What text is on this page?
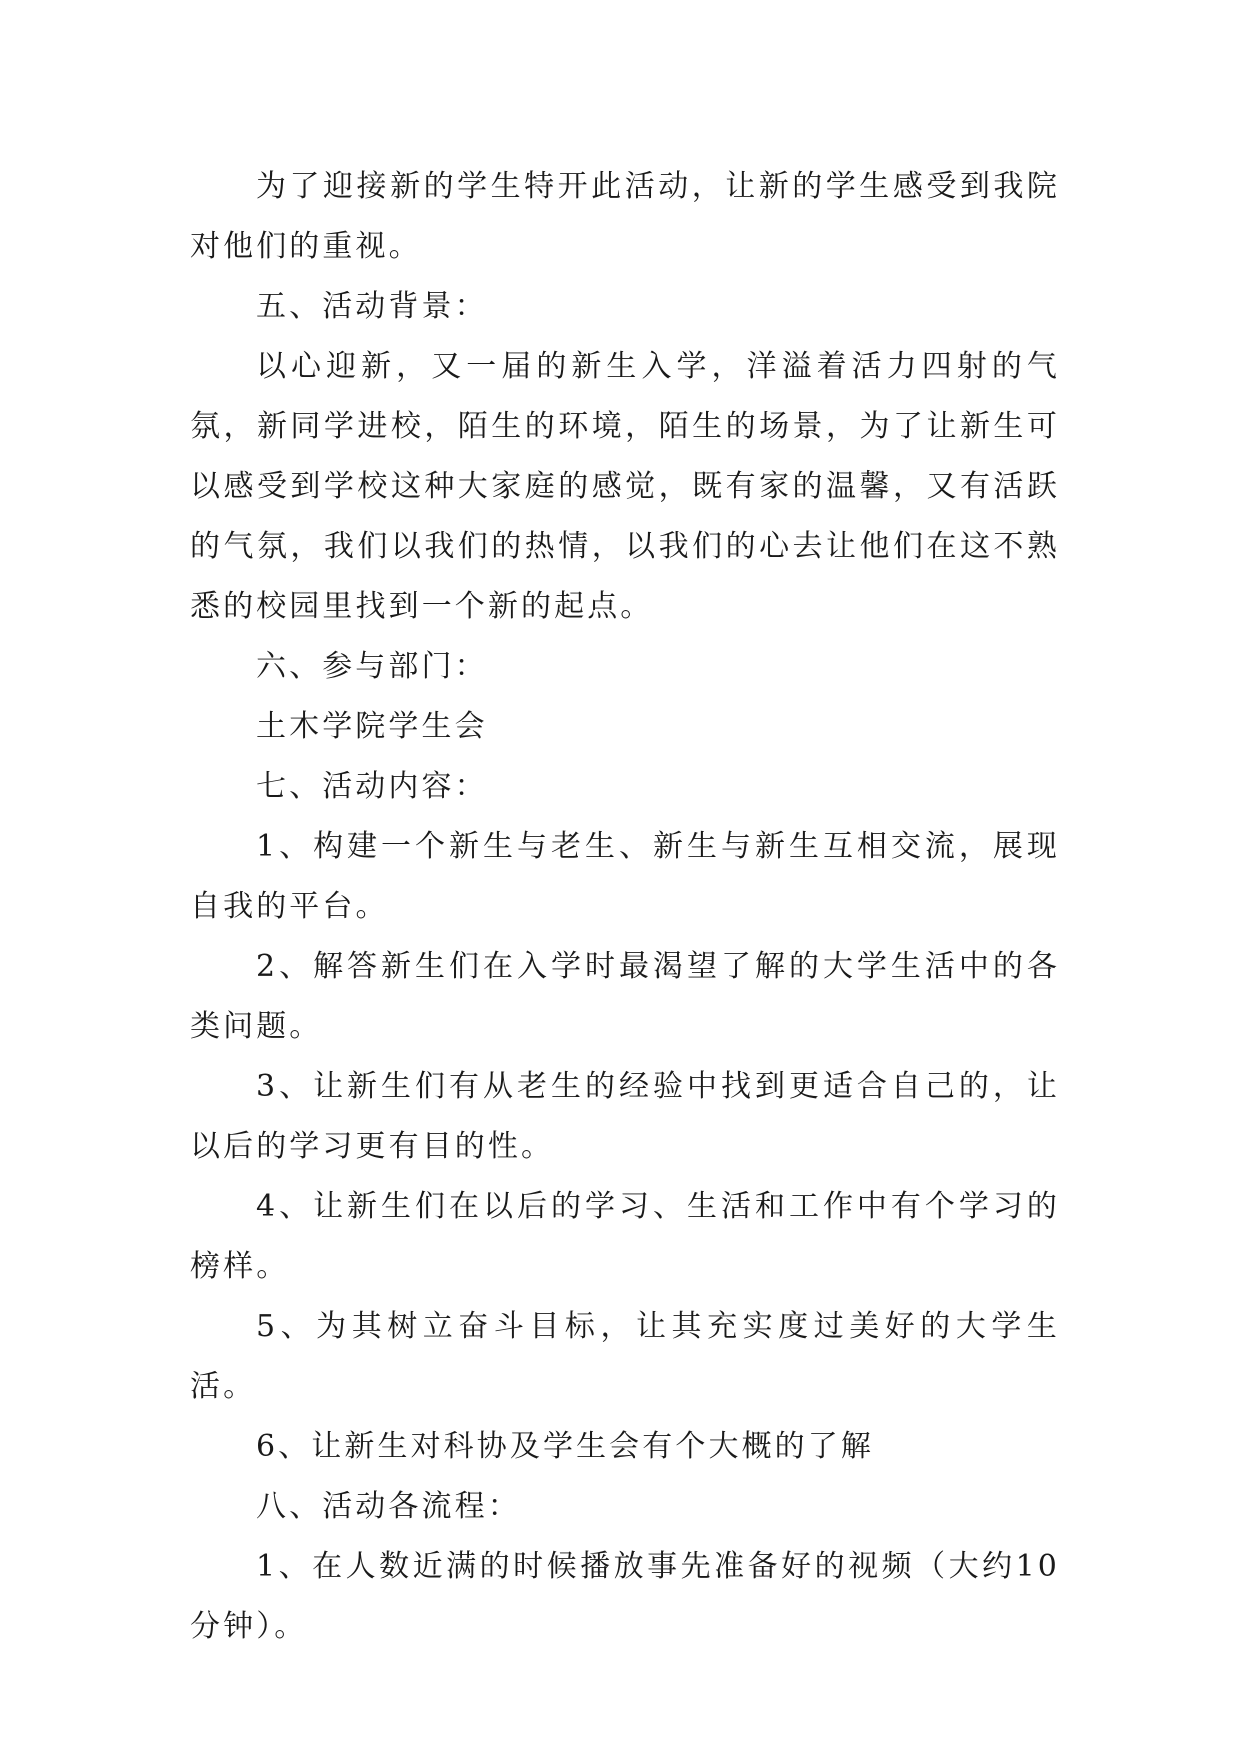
为了迎接新的学生特开此活动，让新的学生感受到我院对他们的重视。

五、活动背景：

以心迎新，又一届的新生入学，洋溢着活力四射的气氛，新同学进校，陌生的环境，陌生的场景，为了让新生可以感受到学校这种大家庭的感觉，既有家的温馨，又有活跃的气氛，我们以我们的热情，以我们的心去让他们在这不熟悉的校园里找到一个新的起点。

六、参与部门：

土木学院学生会

七、活动内容：

1、构建一个新生与老生、新生与新生互相交流，展现自我的平台。

2、解答新生们在入学时最渴望了解的大学生活中的各类问题。

3、让新生们有从老生的经验中找到更适合自己的，让以后的学习更有目的性。

4、让新生们在以后的学习、生活和工作中有个学习的榜样。

5、为其树立奋斗目标，让其充实度过美好的大学生活。

6、让新生对科协及学生会有个大概的了解

八、活动各流程：

1、在人数近满的时候播放事先准备好的视频（大约10分钟）。
